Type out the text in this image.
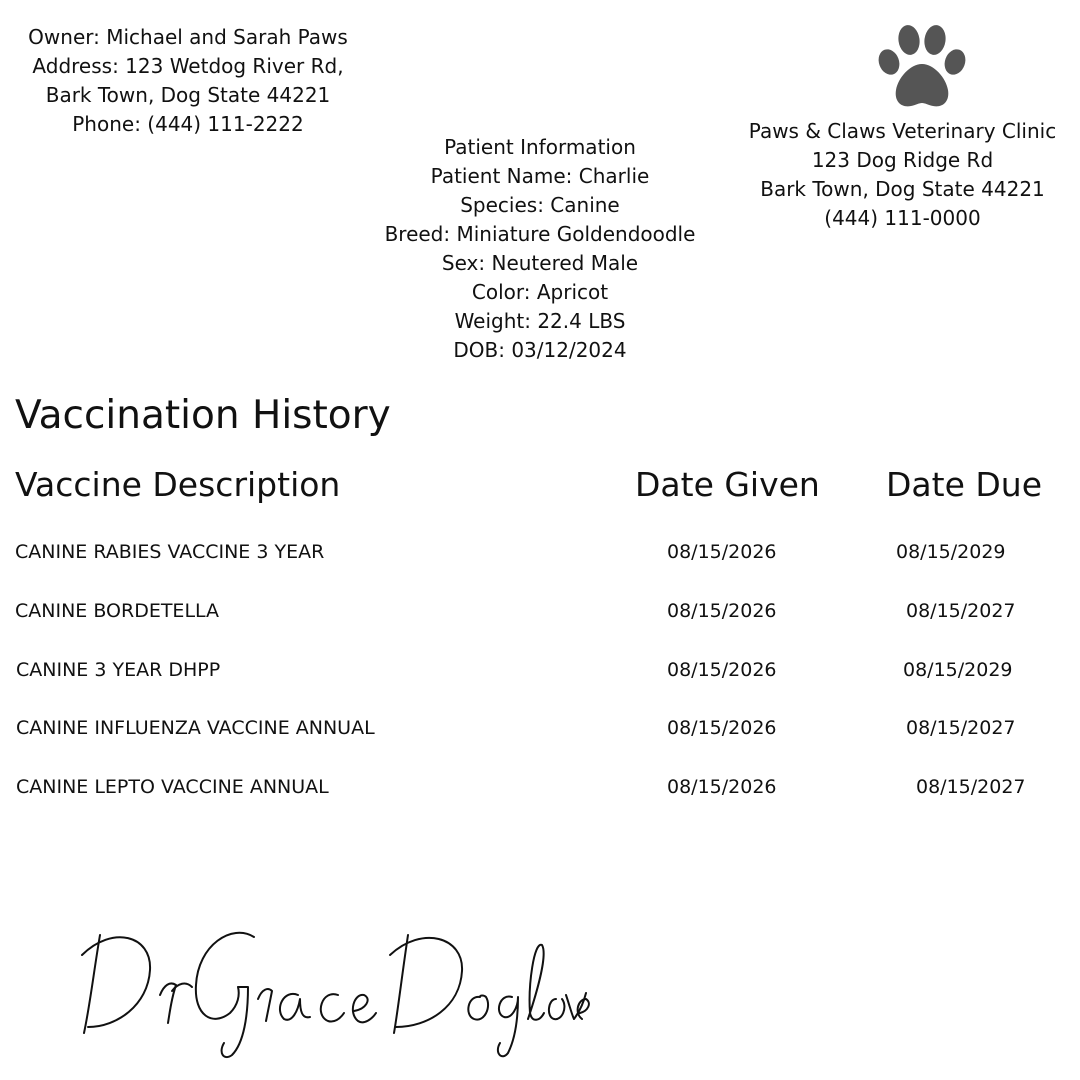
Owner: Michael and Sarah Paws
Address: 123 Wetdog River Rd,
Bark Town, Dog State 44221
Phone: (444) 111-2222	Paws & Claws Veterinary Clinic
123 Dog Ridge Rd
Bark Town, Dog State 44221
(444) 111-0000
Patient Information
Patient Name: Charlie
Species: Canine
Breed: Miniature Goldendoodle
Sex: Neutered Male
Color: Apricot
Weight: 22.4 LBS
DOB: 03/12/2024
Vaccination History
Vaccine Description	Date Given Date Due
CANINE RABIES VACCINE 3 YEAR	08/15/2026	08/15/2029
CANINE BORDETELLA	08/15/2026	08/15/2027
CANINE 3 YEAR DHPP	08/15/2026	08/15/2029
CANINE INFLUENZA VACCINE ANNUAL	08/15/2026	08/15/2027
CANINE LEPTO VACCINE ANNUAL	08/15/2026	08/15/2027
